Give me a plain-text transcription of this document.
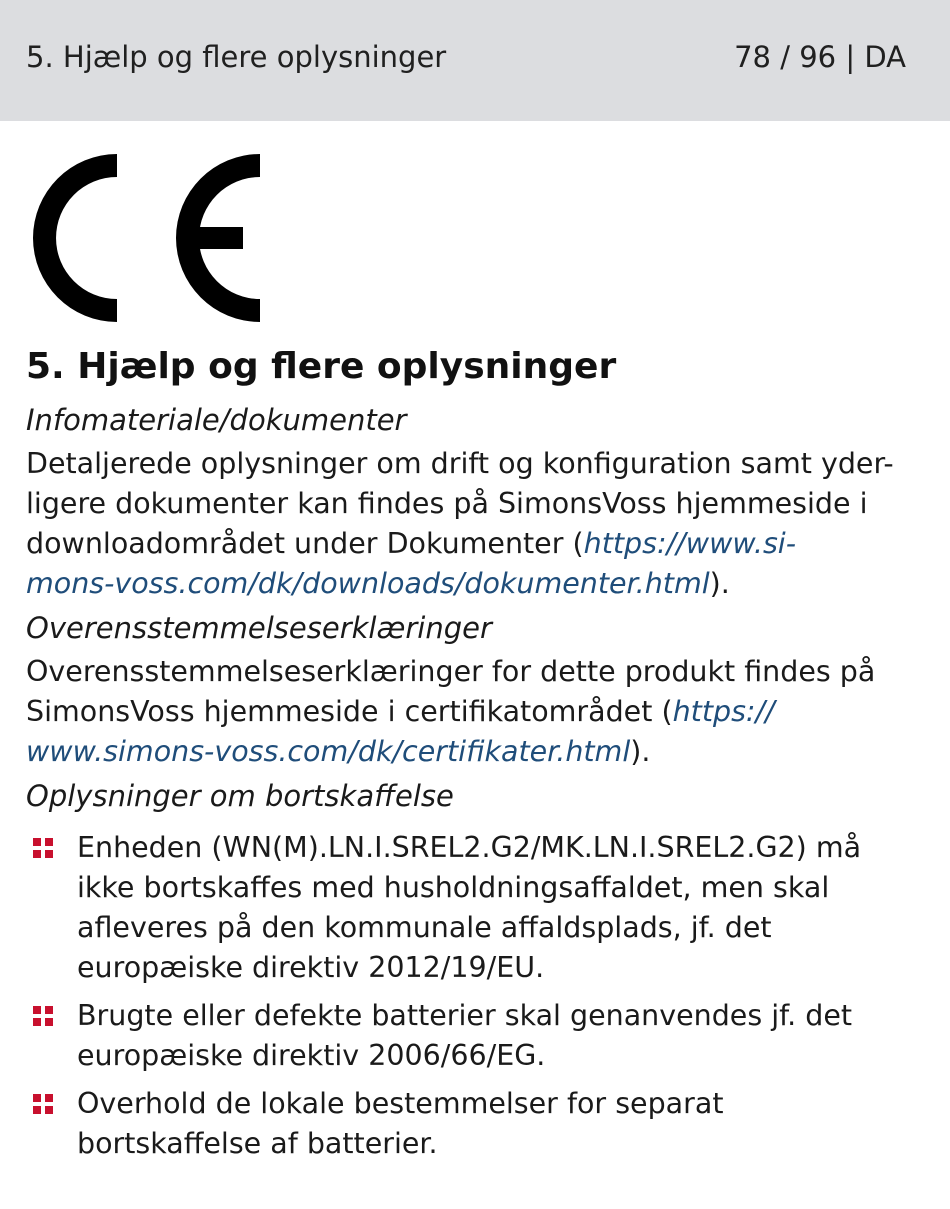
5. Hjælp og flere oplysninger	78 / 96 | DA
5. Hjælp og flere oplysninger
Infomateriale/dokumenter
Detaljerede oplysninger om drift og konfiguration samt yder-
ligere dokumenter kan findes på SimonsVoss hjemmeside i
downloadområdet under Dokumenter (https://www.si-
mons-voss.com/dk/downloads/dokumenter.html).
Overensstemmelseserklæringer
Overensstemmelseserklæringer for dette produkt findes på
SimonsVoss hjemmeside i certifikatområdet (https://
www.simons-voss.com/dk/certifikater.html).
Oplysninger om bortskaffelse
Enheden (WN(M).LN.I.SREL2.G2/MK.LN.I.SREL2.G2) må
ikke bortskaffes med husholdningsaffaldet, men skal
afleveres på den kommunale affaldsplads, jf. det
europæiske direktiv 2012/19/EU.
Brugte eller defekte batterier skal genanvendes jf. det
europæiske direktiv 2006/66/EG.
Overhold de lokale bestemmelser for separat
bortskaffelse af batterier.
